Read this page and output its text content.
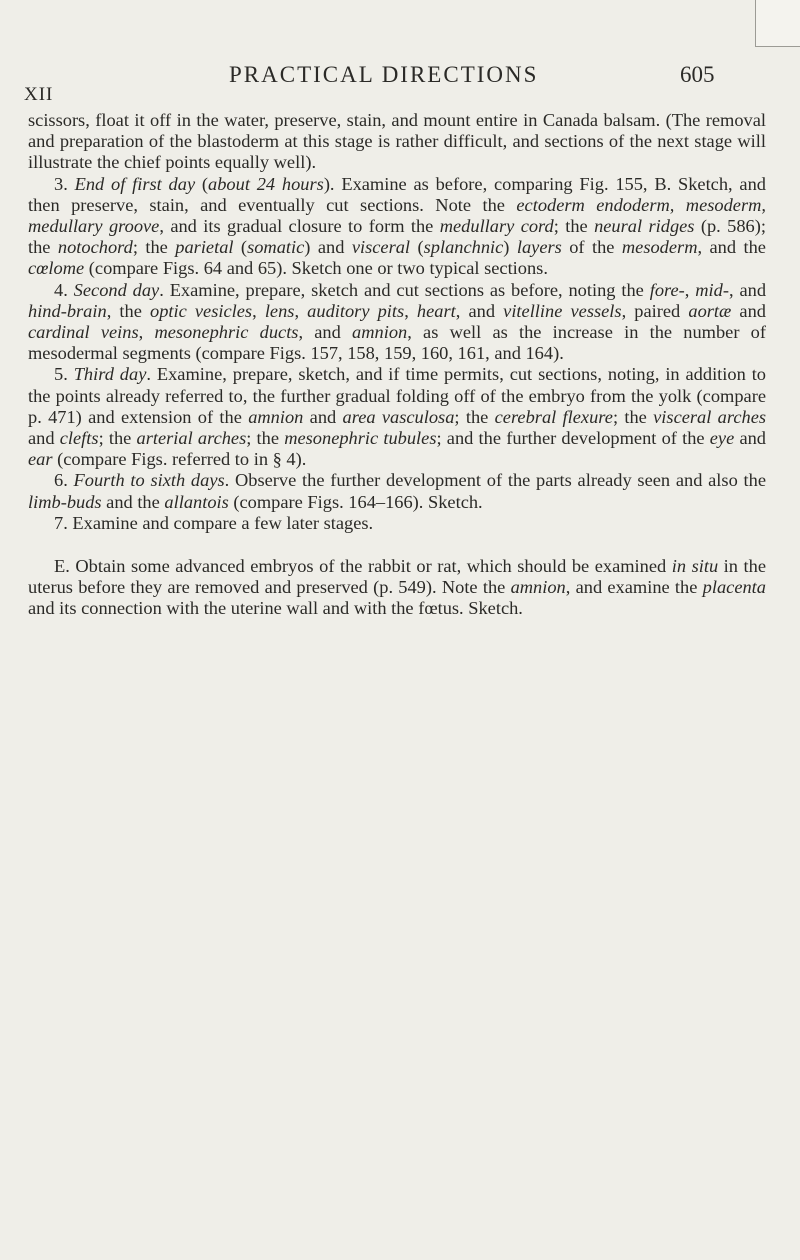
XII
PRACTICAL DIRECTIONS	605

scissors, float it off in the water, preserve, stain, and mount entire in Canada balsam. (The removal and preparation of the blastoderm at this stage is rather difficult, and sections of the next stage will illustrate the chief points equally well).

3. End of first day (about 24 hours). Examine as before, comparing Fig. 155, B. Sketch, and then preserve, stain, and eventually cut sections. Note the ectoderm endoderm, mesoderm, medullary groove, and its gradual closure to form the medullary cord; the neural ridges (p. 586); the notochord; the parietal (somatic) and visceral (splanchnic) layers of the mesoderm, and the cœlome (compare Figs. 64 and 65). Sketch one or two typical sections.

4. Second day. Examine, prepare, sketch and cut sections as before, noting the fore-, mid-, and hind-brain, the optic vesicles, lens, auditory pits, heart, and vitelline vessels, paired aortæ and cardinal veins, mesonephric ducts, and amnion, as well as the increase in the number of mesodermal segments (compare Figs. 157, 158, 159, 160, 161, and 164).

5. Third day. Examine, prepare, sketch, and if time permits, cut sections, noting, in addition to the points already referred to, the further gradual folding off of the embryo from the yolk (compare p. 471) and extension of the amnion and area vasculosa; the cerebral flexure; the visceral arches and clefts; the arterial arches; the mesonephric tubules; and the further development of the eye and ear (compare Figs. referred to in § 4).

6. Fourth to sixth days. Observe the further development of the parts already seen and also the limb-buds and the allantois (compare Figs. 164–166). Sketch.

7. Examine and compare a few later stages.

E. Obtain some advanced embryos of the rabbit or rat, which should be examined in situ in the uterus before they are removed and preserved (p. 549). Note the amnion, and examine the placenta and its connection with the uterine wall and with the fœtus. Sketch.
